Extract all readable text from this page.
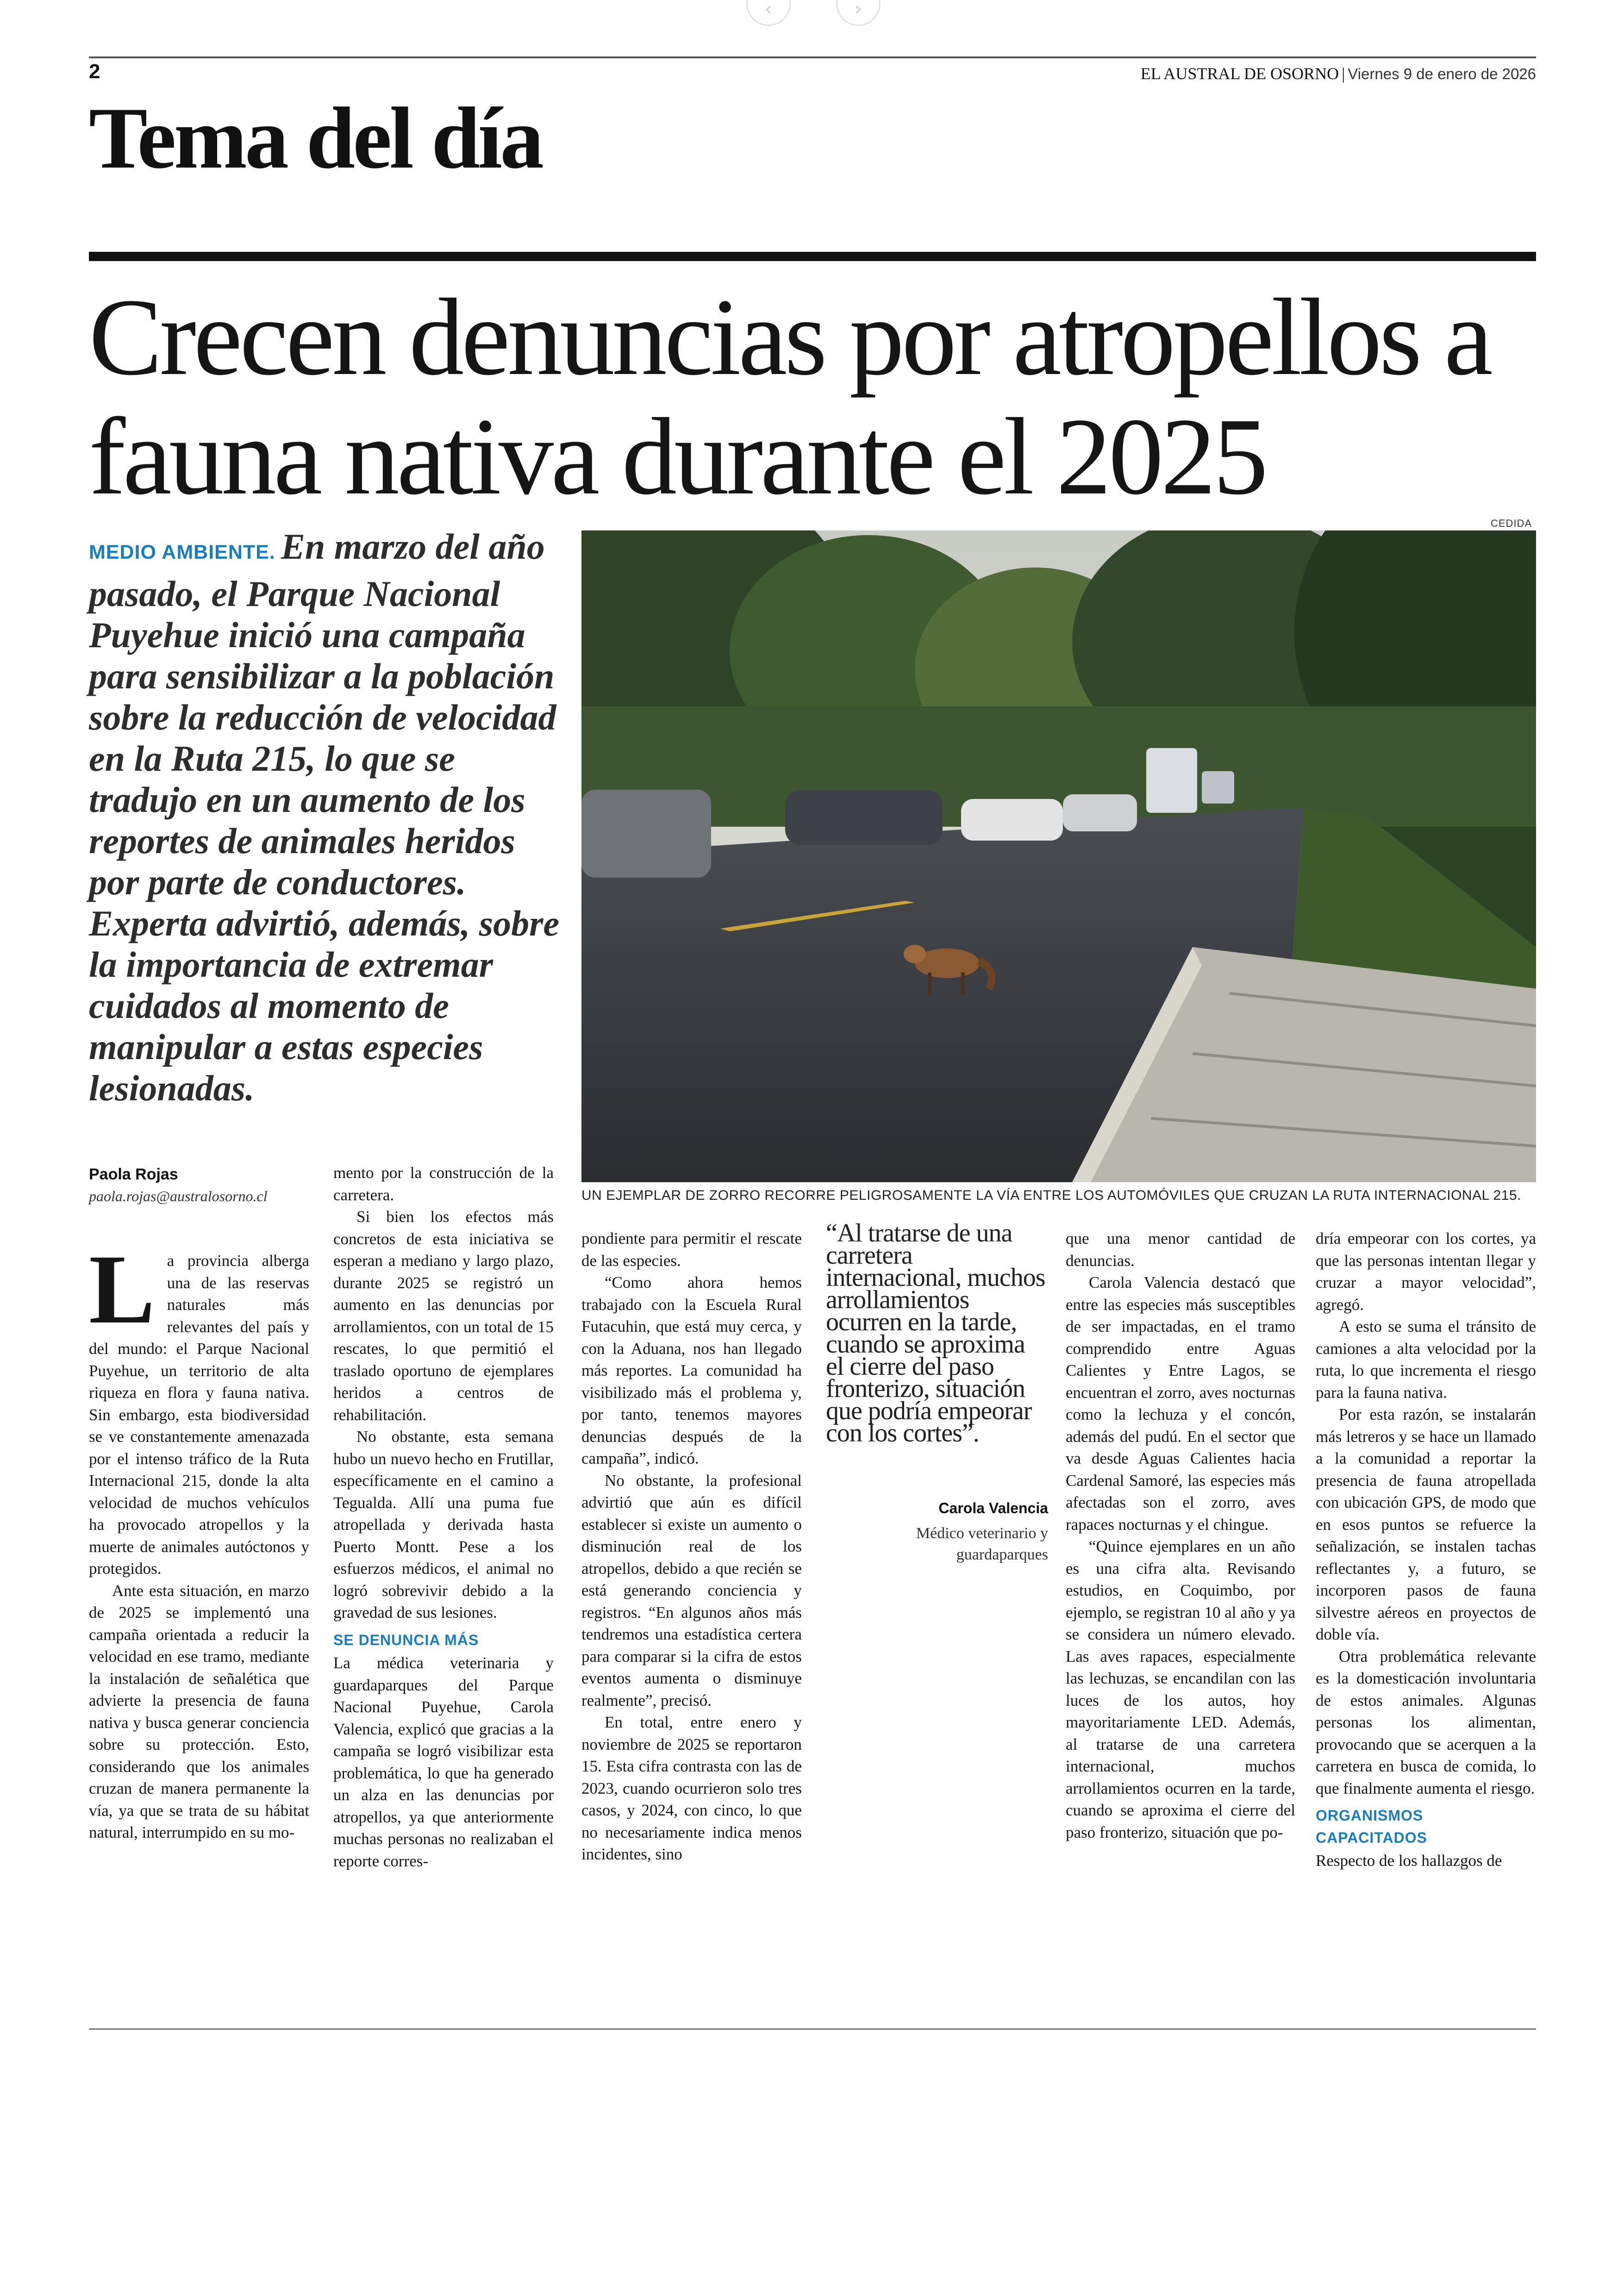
‹	›
2	EL AUSTRAL DE OSORNO | Viernes 9 de enero de 2026
Tema del día
Crecen denuncias por atropellos a fauna nativa durante el 2025
MEDIO AMBIENTE. En marzo del año pasado, el Parque Nacional Puyehue inició una campaña para sensibilizar a la población sobre la reducción de velocidad en la Ruta 215, lo que se tradujo en un aumento de los reportes de animales heridos por parte de conductores. Experta advirtió, además, sobre la importancia de extremar cuidados al momento de manipular a estas especies lesionadas.
CEDIDA
UN EJEMPLAR DE ZORRO RECORRE PELIGROSAMENTE LA VÍA ENTRE LOS AUTOMÓVILES QUE CRUZAN LA RUTA INTERNACIONAL 215.
Paola Rojas
paola.rojas@australosorno.cl

La provincia alberga una de las reservas naturales más relevantes del país y del mundo: el Parque Nacional Puyehue, un territorio de alta riqueza en flora y fauna nativa. Sin embargo, esta biodiversidad se ve constantemente amenazada por el intenso tráfico de la Ruta Internacional 215, donde la alta velocidad de muchos vehículos ha provocado atropellos y la muerte de animales autóctonos y protegidos.

Ante esta situación, en marzo de 2025 se implementó una campaña orientada a reducir la velocidad en ese tramo, mediante la instalación de señalética que advierte la presencia de fauna nativa y busca generar conciencia sobre su protección. Esto, considerando que los animales cruzan de manera permanente la vía, ya que se trata de su hábitat natural, interrumpido en su mo-

mento por la construcción de la carretera.

Si bien los efectos más concretos de esta iniciativa se esperan a mediano y largo plazo, durante 2025 se registró un aumento en las denuncias por arrollamientos, con un total de 15 rescates, lo que permitió el traslado oportuno de ejemplares heridos a centros de rehabilitación.

No obstante, esta semana hubo un nuevo hecho en Frutillar, específicamente en el camino a Tegualda. Allí una puma fue atropellada y derivada hasta Puerto Montt. Pese a los esfuerzos médicos, el animal no logró sobrevivir debido a la gravedad de sus lesiones.

SE DENUNCIA MÁS

La médica veterinaria y guardaparques del Parque Nacional Puyehue, Carola Valencia, explicó que gracias a la campaña se logró visibilizar esta problemática, lo que ha generado un alza en las denuncias por atropellos, ya que anteriormente muchas personas no realizaban el reporte corres-

pondiente para permitir el rescate de las especies.

“Como ahora hemos trabajado con la Escuela Rural Futacuhin, que está muy cerca, y con la Aduana, nos han llegado más reportes. La comunidad ha visibilizado más el problema y, por tanto, tenemos mayores denuncias después de la campaña”, indicó.

No obstante, la profesional advirtió que aún es difícil establecer si existe un aumento o disminución real de los atropellos, debido a que recién se está generando conciencia y registros. “En algunos años más tendremos una estadística certera para comparar si la cifra de estos eventos aumenta o disminuye realmente”, precisó.

En total, entre enero y noviembre de 2025 se reportaron 15. Esta cifra contrasta con las de 2023, cuando ocurrieron solo tres casos, y 2024, con cinco, lo que no necesariamente indica menos incidentes, sino

“Al tratarse de una carretera internacional, muchos arrollamientos ocurren en la tarde, cuando se aproxima el cierre del paso fronterizo, situación que podría empeorar con los cortes”.
Carola Valencia
Médico veterinario y guardaparques

que una menor cantidad de denuncias.

Carola Valencia destacó que entre las especies más susceptibles de ser impactadas, en el tramo comprendido entre Aguas Calientes y Entre Lagos, se encuentran el zorro, aves nocturnas como la lechuza y el concón, además del pudú. En el sector que va desde Aguas Calientes hacia Cardenal Samoré, las especies más afectadas son el zorro, aves rapaces nocturnas y el chingue.

“Quince ejemplares en un año es una cifra alta. Revisando estudios, en Coquimbo, por ejemplo, se registran 10 al año y ya se considera un número elevado. Las aves rapaces, especialmente las lechuzas, se encandilan con las luces de los autos, hoy mayoritariamente LED. Además, al tratarse de una carretera internacional, muchos arrollamientos ocurren en la tarde, cuando se aproxima el cierre del paso fronterizo, situación que po-

dría empeorar con los cortes, ya que las personas intentan llegar y cruzar a mayor velocidad”, agregó.

A esto se suma el tránsito de camiones a alta velocidad por la ruta, lo que incrementa el riesgo para la fauna nativa.

Por esta razón, se instalarán más letreros y se hace un llamado a la comunidad a reportar la presencia de fauna atropellada con ubicación GPS, de modo que en esos puntos se refuerce la señalización, se instalen tachas reflectantes y, a futuro, se incorporen pasos de fauna silvestre aéreos en proyectos de doble vía.

Otra problemática relevante es la domesticación involuntaria de estos animales. Algunas personas los alimentan, provocando que se acerquen a la carretera en busca de comida, lo que finalmente aumenta el riesgo.

ORGANISMOS CAPACITADOS

Respecto de los hallazgos de
